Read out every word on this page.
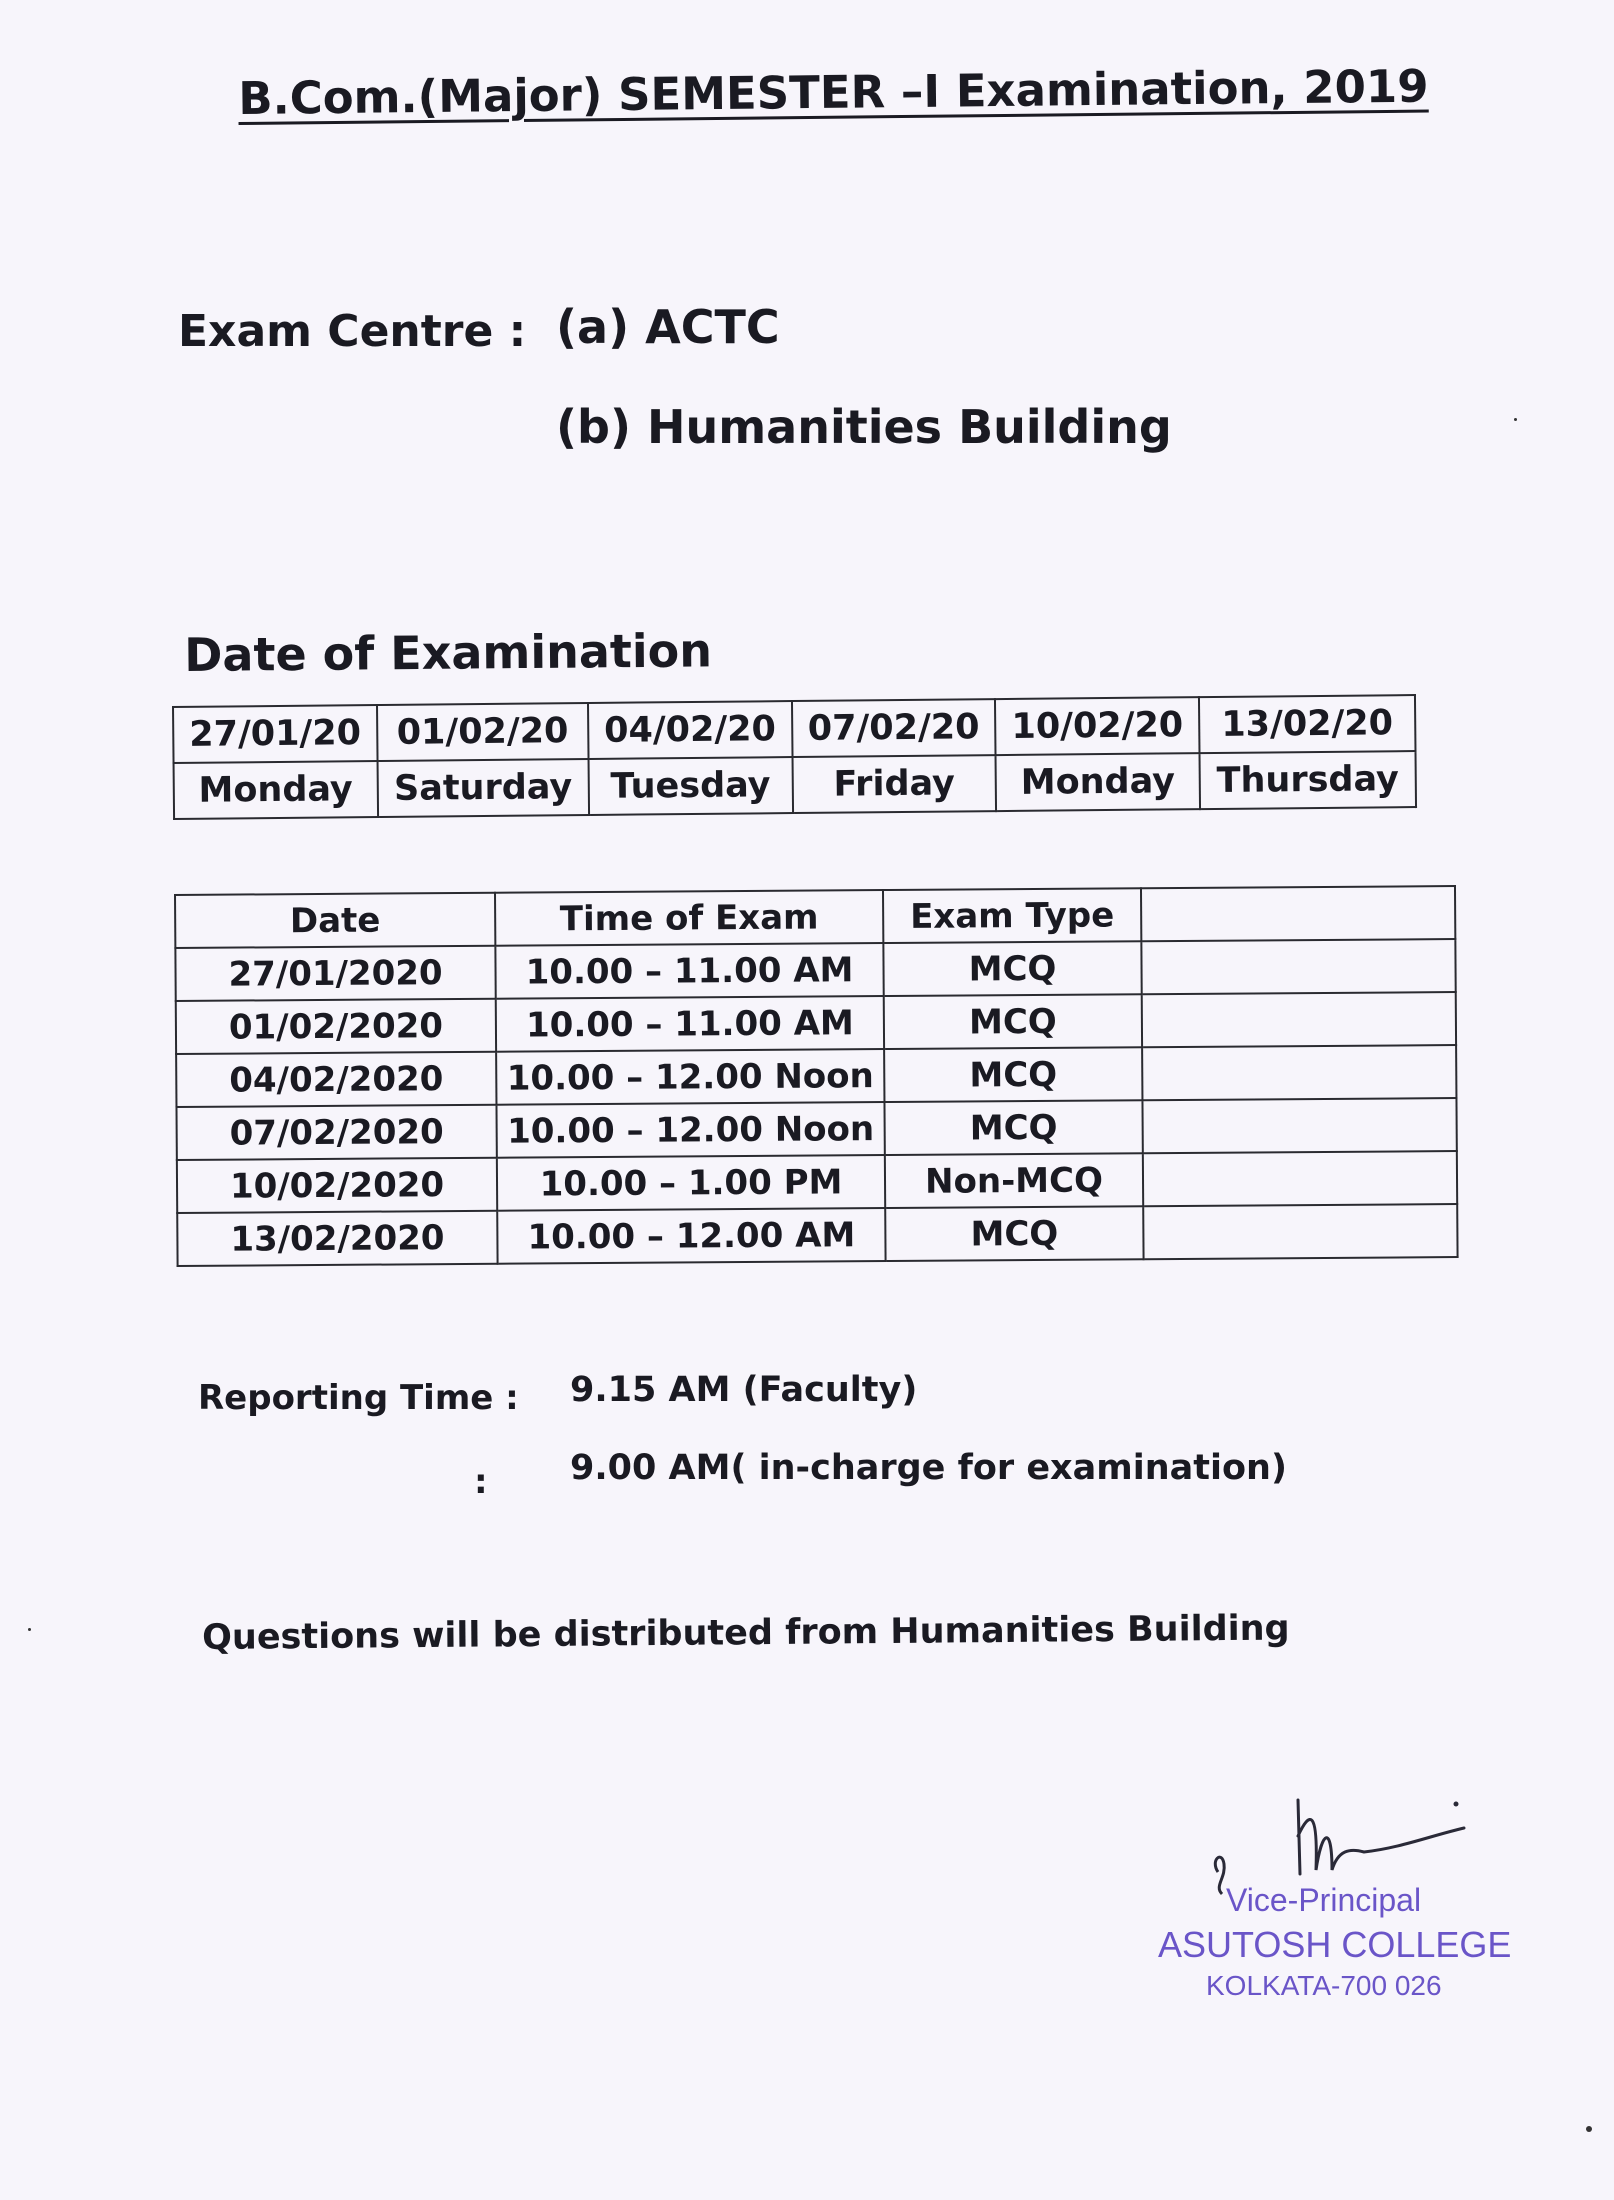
B.Com.(Major) SEMESTER –I Examination, 2019
Exam Centre : (a) ACTC
(b) Humanities Building
Date of Examination
27/01/20	01/02/20	04/02/20	07/02/20	10/02/20	13/02/20
Monday	Saturday	Tuesday	Friday	Monday	Thursday
Date	Time of Exam	Exam Type	
27/01/2020	10.00 – 11.00 AM	MCQ	
01/02/2020	10.00 – 11.00 AM	MCQ	
04/02/2020	10.00 – 12.00 Noon	MCQ	
07/02/2020	10.00 – 12.00 Noon	MCQ	
10/02/2020	10.00 – 1.00 PM	Non-MCQ	
13/02/2020	10.00 – 12.00 AM	MCQ	
Reporting Time : 9.15 AM (Faculty)
: 9.00 AM( in-charge for examination)
Questions will be distributed from Humanities Building
Vice-Principal
ASUTOSH COLLEGE
KOLKATA-700 026
